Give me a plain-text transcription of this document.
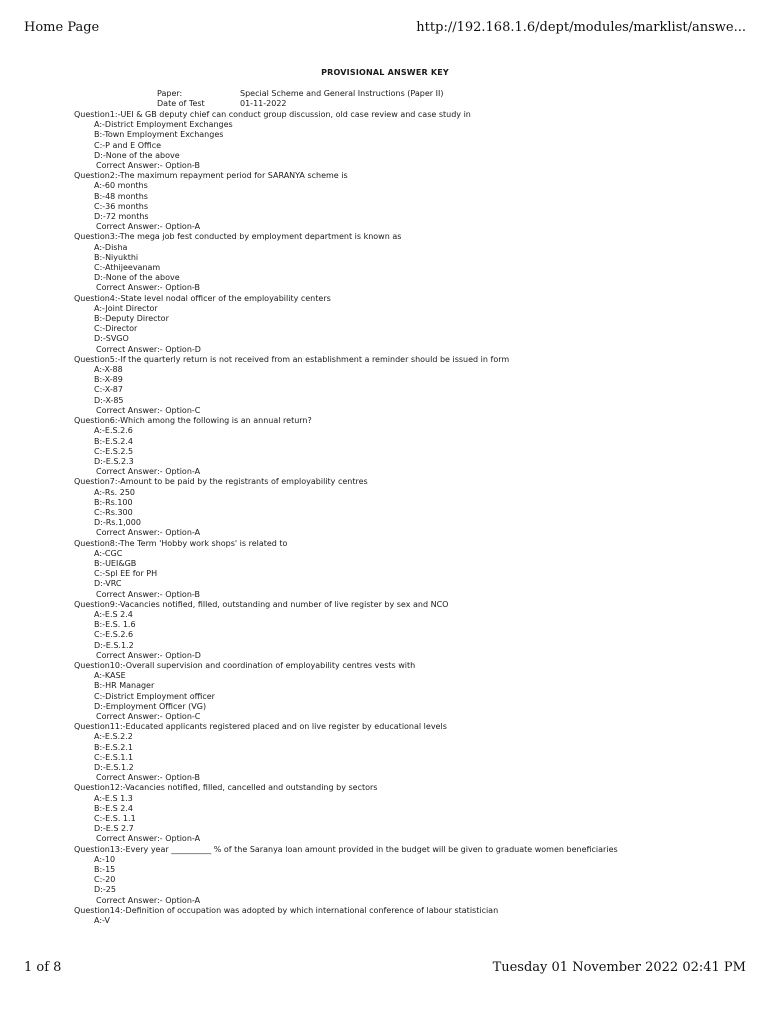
Home Page	http://192.168.1.6/dept/modules/marklist/answe...
PROVISIONAL ANSWER KEY
Paper:	Special Scheme and General Instructions (Paper II)
Date of Test	01-11-2022
Question1:-UEI & GB deputy chief can conduct group discussion, old case review and case study in
A:-District Employment Exchanges
B:-Town Employment Exchanges
C:-P and E Office
D:-None of the above
Correct Answer:- Option-B
Question2:-The maximum repayment period for SARANYA scheme is
A:-60 months
B:-48 months
C:-36 months
D:-72 months
Correct Answer:- Option-A
Question3:-The mega job fest conducted by employment department is known as
A:-Disha
B:-Niyukthi
C:-Athijeevanam
D:-None of the above
Correct Answer:- Option-B
Question4:-State level nodal officer of the employability centers
A:-Joint Director
B:-Deputy Director
C:-Director
D:-SVGO
Correct Answer:- Option-D
Question5:-If the quarterly return is not received from an establishment a reminder should be issued in form
A:-X-88
B:-X-89
C:-X-87
D:-X-85
Correct Answer:- Option-C
Question6:-Which among the following is an annual return?
A:-E.S.2.6
B:-E.S.2.4
C:-E.S.2.5
D:-E.S.2.3
Correct Answer:- Option-A
Question7:-Amount to be paid by the registrants of employability centres
A:-Rs. 250
B:-Rs.100
C:-Rs.300
D:-Rs.1,000
Correct Answer:- Option-A
Question8:-The Term 'Hobby work shops' is related to
A:-CGC
B:-UEI&GB
C:-Spl EE for PH
D:-VRC
Correct Answer:- Option-B
Question9:-Vacancies notified, filled, outstanding and number of live register by sex and NCO
A:-E.S 2.4
B:-E.S. 1.6
C:-E.S.2.6
D:-E.S.1.2
Correct Answer:- Option-D
Question10:-Overall supervision and coordination of employability centres vests with
A:-KASE
B:-HR Manager
C:-District Employment officer
D:-Employment Officer (VG)
Correct Answer:- Option-C
Question11:-Educated applicants registered placed and on live register by educational levels
A:-E.S.2.2
B:-E.S.2.1
C:-E.S.1.1
D:-E.S.1.2
Correct Answer:- Option-B
Question12:-Vacancies notified, filled, cancelled and outstanding by sectors
A:-E.S 1.3
B:-E.S 2.4
C:-E.S. 1.1
D:-E.S 2.7
Correct Answer:- Option-A
Question13:-Every year __________ % of the Saranya loan amount provided in the budget will be given to graduate women beneficiaries
A:-10
B:-15
C:-20
D:-25
Correct Answer:- Option-A
Question14:-Definition of occupation was adopted by which international conference of labour statistician
A:-V
1 of 8	Tuesday 01 November 2022 02:41 PM
